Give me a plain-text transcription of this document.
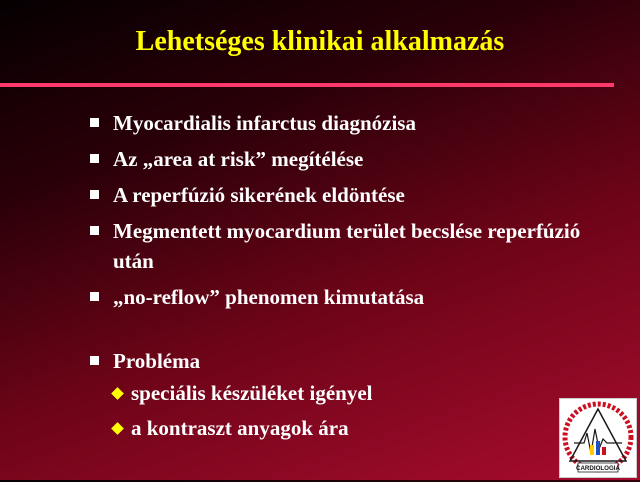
Lehetséges klinikai alkalmazás
Myocardialis infarctus diagnózisa
Az „area at risk” megítélése
A reperfúzió sikerének eldöntése
Megmentett myocardium terület becslése reperfúzió után
„no-reflow” phenomen kimutatása
Probléma
speciális készüléket igényel
a kontraszt anyagok ára
CARDIOLOGIA
